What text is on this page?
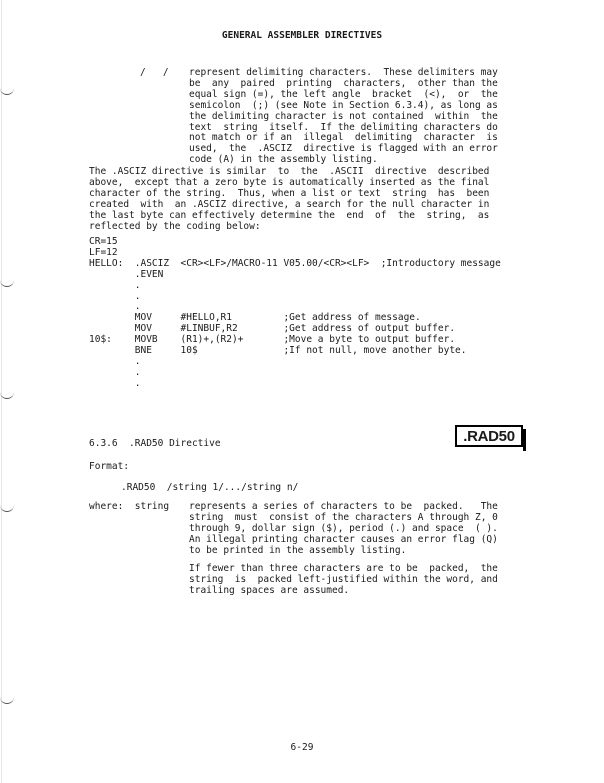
GENERAL ASSEMBLER DIRECTIVES
/   / represent delimiting characters.  These delimiters may
be  any  paired  printing  characters,  other than the
equal sign (=), the left angle  bracket  (<),  or  the
semicolon  (;) (see Note in Section 6.3.4), as long as
the delimiting character is not contained  within  the
text  string  itself.  If the delimiting characters do
not match or if an  illegal  delimiting  character  is
used,  the  .ASCIZ  directive is flagged with an error
code (A) in the assembly listing.
The .ASCIZ directive is similar  to  the  .ASCII  directive  described
above,  except that a zero byte is automatically inserted as the final
character of the string.  Thus, when a list or text  string  has  been
created  with  an .ASCIZ directive, a search for the null character in
the last byte can effectively determine the  end  of  the  string,  as
reflected by the coding below:
CR=15
LF=12
HELLO:  .ASCIZ  <CR><LF>/MACRO-11 V05.00/<CR><LF>  ;Introductory message
.EVEN
.
.
.
MOV     #HELLO,R1         ;Get address of message.
MOV     #LINBUF,R2        ;Get address of output buffer.
10$:    MOVB    (R1)+,(R2)+       ;Move a byte to output buffer.
BNE     10$               ;If not null, move another byte.
.
.
.
6.3.6  .RAD50 Directive	.RAD50
Format:
.RAD50  /string 1/.../string n/
where:  string represents a series of characters to be  packed.   The
string  must  consist of the characters A through Z, 0
through 9, dollar sign ($), period (.) and space  ( ).
An illegal printing character causes an error flag (Q)
to be printed in the assembly listing.
If fewer than three characters are to be  packed,  the
string  is  packed left-justified within the word, and
trailing spaces are assumed.
6-29
